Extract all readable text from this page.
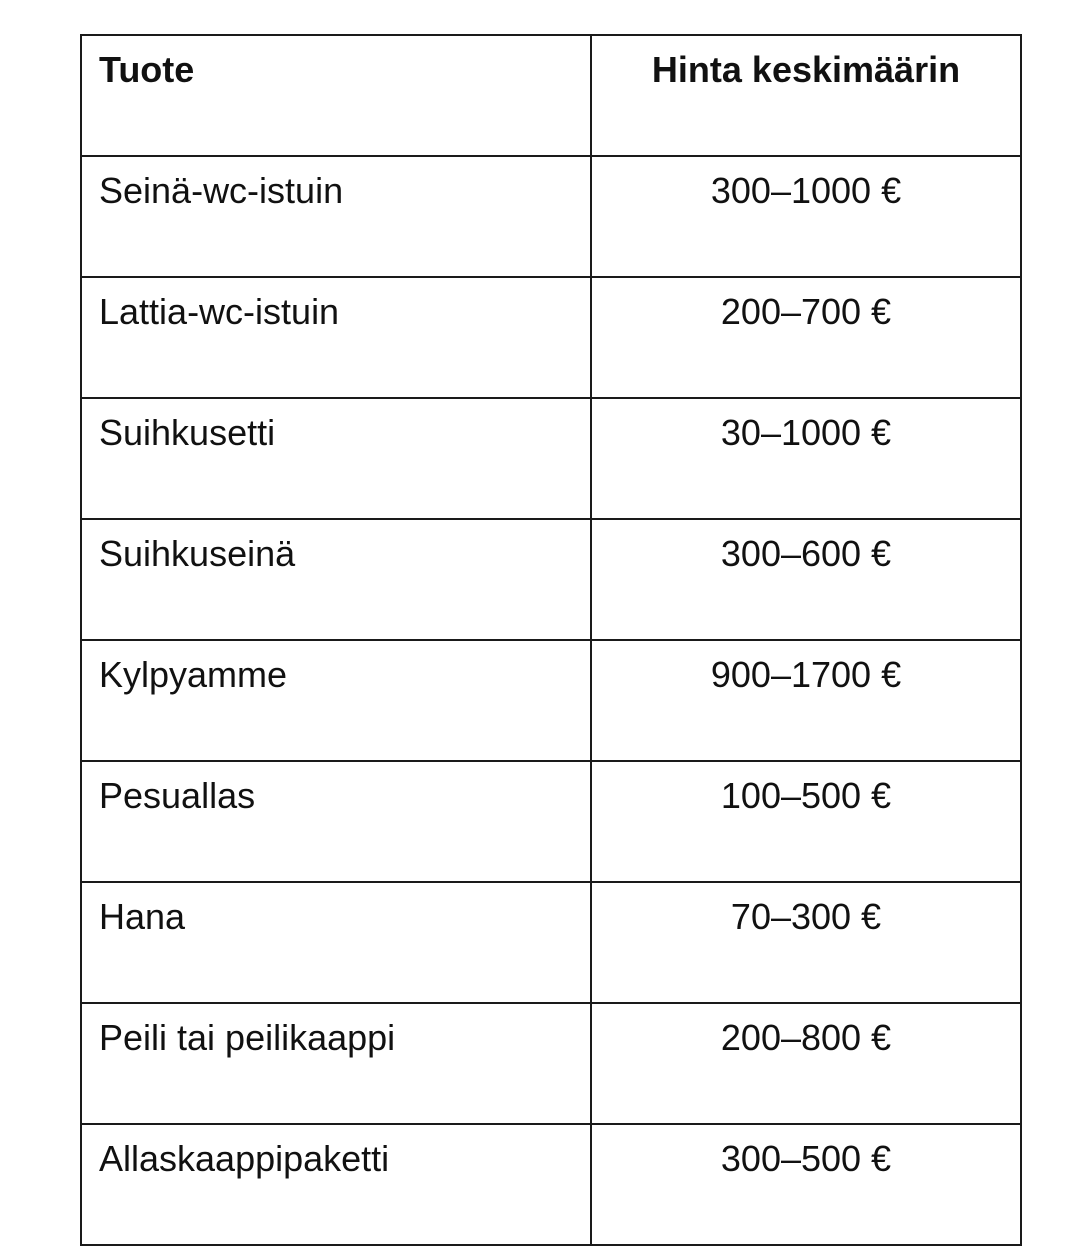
Tuote	Hinta keskimäärin
Seinä-wc-istuin	300–1000 €
Lattia-wc-istuin	200–700 €
Suihkusetti	30–1000 €
Suihkuseinä	300–600 €
Kylpyamme	900–1700 €
Pesuallas	100–500 €
Hana	70–300 €
Peili tai peilikaappi	200–800 €
Allaskaappipaketti	300–500 €
